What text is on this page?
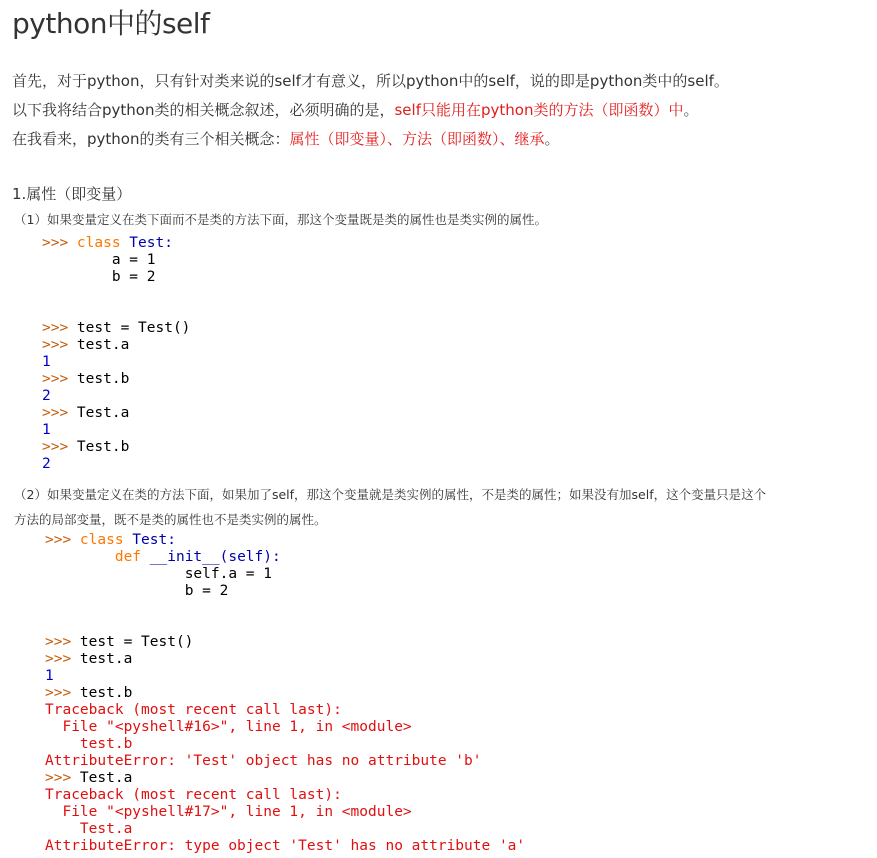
python中的self
首先，对于python，只有针对类来说的self才有意义，所以python中的self，说的即是python类中的self。
以下我将结合python类的相关概念叙述，必须明确的是，self只能用在python类的方法（即函数）中。
在我看来，python的类有三个相关概念：属性（即变量）、方法（即函数）、继承。
1.属性（即变量）
（1）如果变量定义在类下面而不是类的方法下面，那这个变量既是类的属性也是类实例的属性。
>>> class Test:
a = 1
b = 2

>>> test = Test()
>>> test.a
1
>>> test.b
2
>>> Test.a
1
>>> Test.b
2
（2）如果变量定义在类的方法下面，如果加了self，那这个变量就是类实例的属性，不是类的属性；如果没有加self，这个变量只是这个
方法的局部变量，既不是类的属性也不是类实例的属性。
>>> class Test:
def __init__(self):
self.a = 1
b = 2

>>> test = Test()
>>> test.a
1
>>> test.b
Traceback (most recent call last):
File "<pyshell#16>", line 1, in <module>
test.b
AttributeError: 'Test' object has no attribute 'b'
>>> Test.a
Traceback (most recent call last):
File "<pyshell#17>", line 1, in <module>
Test.a
AttributeError: type object 'Test' has no attribute 'a'
